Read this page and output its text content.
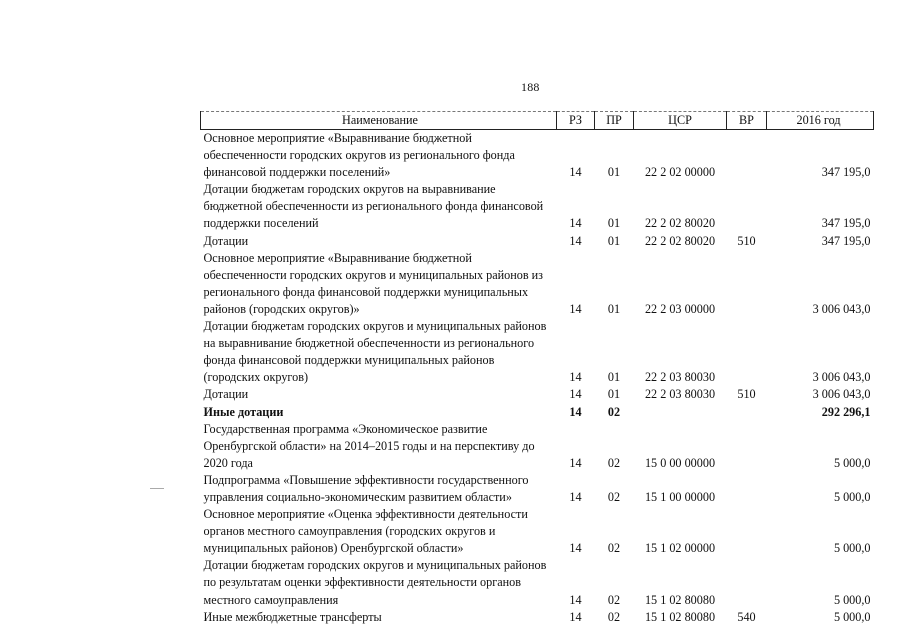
188
Наименование	РЗ	ПР	ЦСР	ВР	2016 год
Основное мероприятие «Выравнивание бюджетной обеспеченности городских округов из регионального фонда финансовой поддержки поселений»	14	01	22 2 02 00000		347 195,0
Дотации бюджетам городских округов на выравнивание бюджетной обеспеченности из регионального фонда финансовой поддержки поселений	14	01	22 2 02 80020		347 195,0
Дотации	14	01	22 2 02 80020	510	347 195,0
Основное мероприятие «Выравнивание бюджетной обеспеченности городских округов и муниципальных районов из регионального фонда финансовой поддержки муниципальных районов (городских округов)»	14	01	22 2 03 00000		3 006 043,0
Дотации бюджетам городских округов и муниципальных районов на выравнивание бюджетной обеспеченности из регионального фонда финансовой поддержки муниципальных районов (городских округов)	14	01	22 2 03 80030		3 006 043,0
Дотации	14	01	22 2 03 80030	510	3 006 043,0
Иные дотации	14	02			292 296,1
Государственная программа «Экономическое развитие Оренбургской области» на 2014–2015 годы и на перспективу до 2020 года	14	02	15 0 00 00000		5 000,0
Подпрограмма «Повышение эффективности государственного управления социально-экономическим развитием области»	14	02	15 1 00 00000		5 000,0
Основное мероприятие «Оценка эффективности деятельности органов местного самоуправления (городских округов и муниципальных районов) Оренбургской области»	14	02	15 1 02 00000		5 000,0
Дотации бюджетам городских округов и муниципальных районов по результатам оценки эффективности деятельности органов местного самоуправления	14	02	15 1 02 80080		5 000,0
Иные межбюджетные трансферты	14	02	15 1 02 80080	540	5 000,0
